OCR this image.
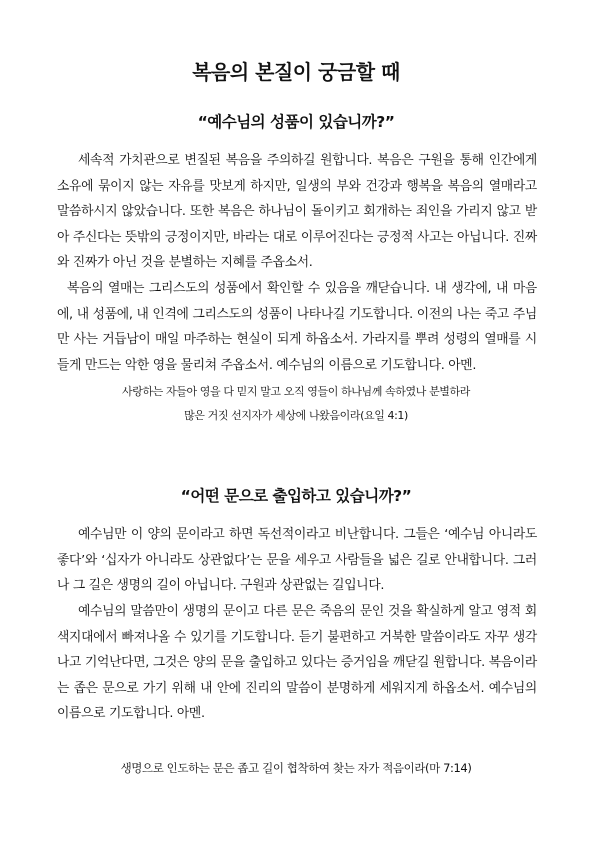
복음의 본질이 궁금할 때
“예수님의 성품이 있습니까?”

세속적 가치관으로 변질된 복음을 주의하길 원합니다. 복음은 구원을 통해 인간에게 소유에 묶이지 않는 자유를 맛보게 하지만, 일생의 부와 건강과 행복을 복음의 열매라고 말씀하시지 않았습니다. 또한 복음은 하나님이 돌이키고 회개하는 죄인을 가리지 않고 받아 주신다는 뜻밖의 긍정이지만, 바라는 대로 이루어진다는 긍정적 사고는 아닙니다. 진짜와 진짜가 아닌 것을 분별하는 지혜를 주옵소서.

복음의 열매는 그리스도의 성품에서 확인할 수 있음을 깨닫습니다. 내 생각에, 내 마음에, 내 성품에, 내 인격에 그리스도의 성품이 나타나길 기도합니다. 이전의 나는 죽고 주님만 사는 거듭남이 매일 마주하는 현실이 되게 하옵소서. 가라지를 뿌려 성령의 열매를 시들게 만드는 악한 영을 물리쳐 주옵소서. 예수님의 이름으로 기도합니다. 아멘.

사랑하는 자들아 영을 다 믿지 말고 오직 영들이 하나님께 속하였나 분별하라

많은 거짓 선지자가 세상에 나왔음이라(요일 4:1)

“어떤 문으로 출입하고 있습니까?”

예수님만 이 양의 문이라고 하면 독선적이라고 비난합니다. 그들은 ‘예수님 아니라도 좋다’와 ‘십자가 아니라도 상관없다’는 문을 세우고 사람들을 넓은 길로 안내합니다. 그러나 그 길은 생명의 길이 아닙니다. 구원과 상관없는 길입니다.

예수님의 말씀만이 생명의 문이고 다른 문은 죽음의 문인 것을 확실하게 알고 영적 회색지대에서 빠져나올 수 있기를 기도합니다. 듣기 불편하고 거북한 말씀이라도 자꾸 생각나고 기억난다면, 그것은 양의 문을 출입하고 있다는 증거임을 깨닫길 원합니다. 복음이라는 좁은 문으로 가기 위해 내 안에 진리의 말씀이 분명하게 세워지게 하옵소서. 예수님의 이름으로 기도합니다. 아멘.

생명으로 인도하는 문은 좁고 길이 협착하여 찾는 자가 적음이라(마 7:14)
